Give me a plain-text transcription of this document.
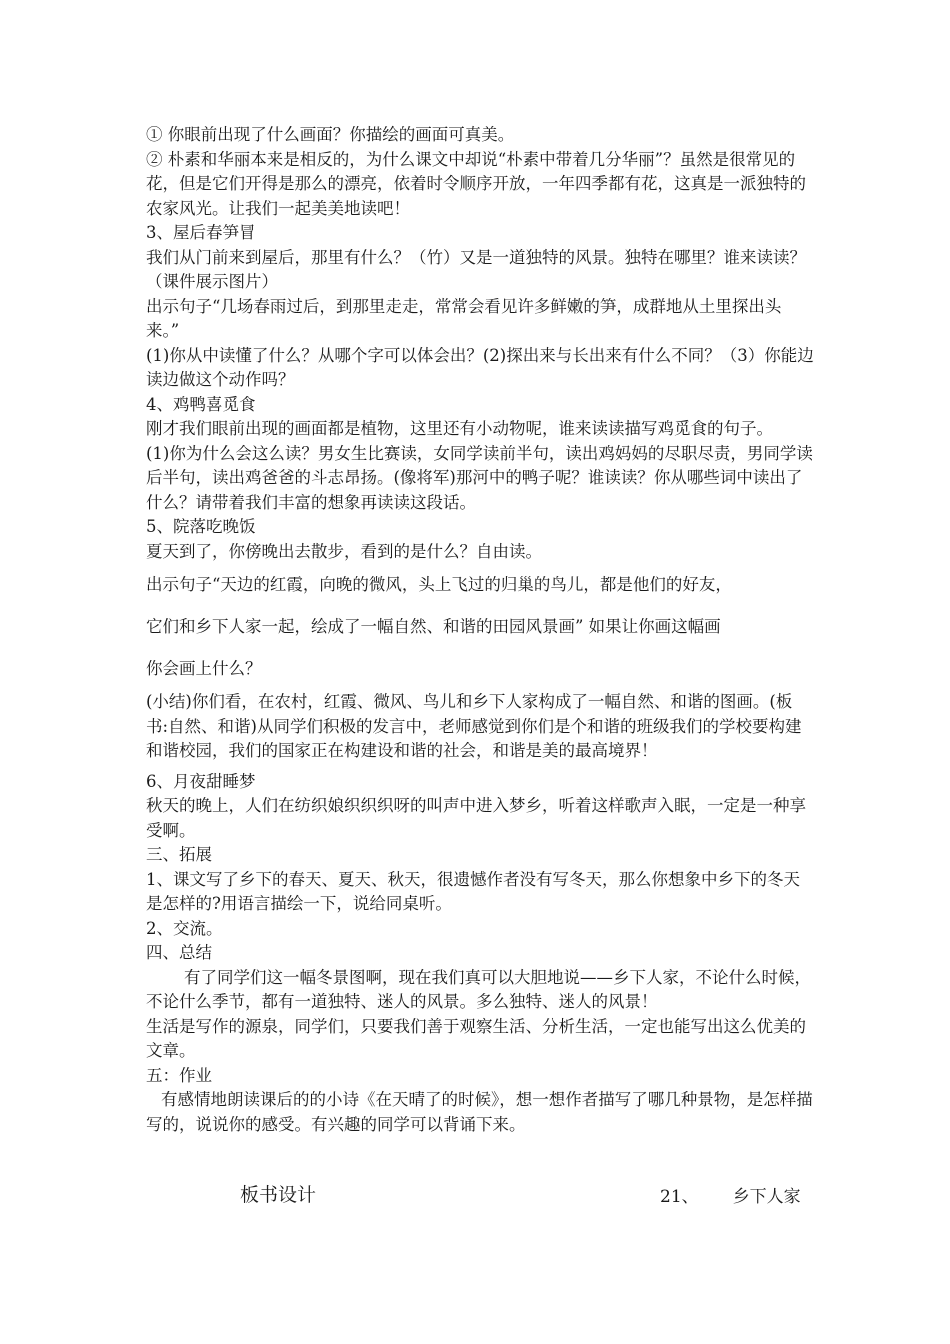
① 你眼前出现了什么画面？你描绘的画面可真美。

② 朴素和华丽本来是相反的，为什么课文中却说“朴素中带着几分华丽”？虽然是很常见的花，但是它们开得是那么的漂亮，依着时令顺序开放，一年四季都有花，这真是一派独特的农家风光。让我们一起美美地读吧！

3、屋后春笋冒

我们从门前来到屋后，那里有什么？（竹）又是一道独特的风景。独特在哪里？谁来读读？（课件展示图片）

出示句子“几场春雨过后，到那里走走，常常会看见许多鲜嫩的笋，成群地从土里探出头来。”

(1)你从中读懂了什么？从哪个字可以体会出？(2)探出来与长出来有什么不同？（3）你能边读边做这个动作吗？

4、鸡鸭喜觅食

刚才我们眼前出现的画面都是植物，这里还有小动物呢，谁来读读描写鸡觅食的句子。

(1)你为什么会这么读？男女生比赛读，女同学读前半句，读出鸡妈妈的尽职尽责，男同学读后半句，读出鸡爸爸的斗志昂扬。(像将军)那河中的鸭子呢？谁读读？你从哪些词中读出了什么？请带着我们丰富的想象再读读这段话。

5、院落吃晚饭

夏天到了，你傍晚出去散步，看到的是什么？自由读。

出示句子“天边的红霞，向晚的微风，头上飞过的归巢的鸟儿，都是他们的好友，

它们和乡下人家一起，绘成了一幅自然、和谐的田园风景画” 如果让你画这幅画

你会画上什么？

(小结)你们看，在农村，红霞、微风、鸟儿和乡下人家构成了一幅自然、和谐的图画。(板书:自然、和谐)从同学们积极的发言中，老师感觉到你们是个和谐的班级我们的学校要构建和谐校园，我们的国家正在构建设和谐的社会，和谐是美的最高境界！

6、月夜甜睡梦

秋天的晚上，人们在纺织娘织织织呀的叫声中进入梦乡，听着这样歌声入眠，一定是一种享受啊。

三、拓展

1、课文写了乡下的春天、夏天、秋天，很遗憾作者没有写冬天，那么你想象中乡下的冬天是怎样的?用语言描绘一下，说给同桌听。

2、交流。

四、总结

有了同学们这一幅冬景图啊，现在我们真可以大胆地说——乡下人家，不论什么时候，不论什么季节，都有一道独特、迷人的风景。多么独特、迷人的风景！

生活是写作的源泉，同学们，只要我们善于观察生活、分析生活，一定也能写出这么优美的文章。

五：作业

有感情地朗读课后的的小诗《在天晴了的时候》，想一想作者描写了哪几种景物，是怎样描写的，说说你的感受。有兴趣的同学可以背诵下来。

板书设计	21、 乡下人家
